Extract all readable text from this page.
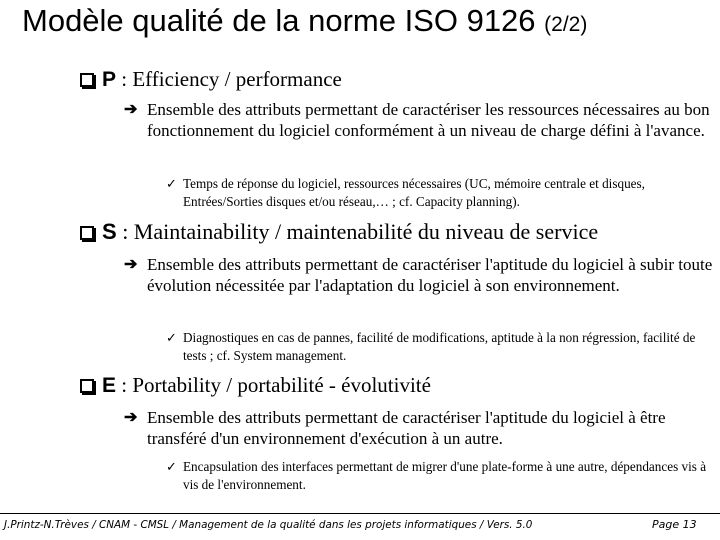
Modèle qualité de la norme ISO 9126 (2/2)
P : Efficiency / performance
➔ Ensemble des attributs permettant de caractériser les ressources nécessaires au bon fonctionnement du logiciel conformément à un niveau de charge défini à l'avance.
✓ Temps de réponse du logiciel, ressources nécessaires (UC, mémoire centrale et disques, Entrées/Sorties disques et/ou réseau,… ; cf. Capacity planning).
S : Maintainability / maintenabilité du niveau de service
➔ Ensemble des attributs permettant de caractériser l'aptitude du logiciel à subir toute évolution nécessitée par l'adaptation du logiciel à son environnement.
✓ Diagnostiques en cas de pannes, facilité de modifications, aptitude à la non régression, facilité de tests ; cf. System management.
E : Portability / portabilité - évolutivité
➔ Ensemble des attributs permettant de caractériser l'aptitude du logiciel à être transféré d'un environnement d'exécution à un autre.
✓ Encapsulation des interfaces permettant de migrer d'une plate-forme à une autre, dépendances vis à vis de l'environnement.
J.Printz-N.Trèves / CNAM - CMSL / Management de la qualité dans les projets informatiques / Vers. 5.0	Page 13
